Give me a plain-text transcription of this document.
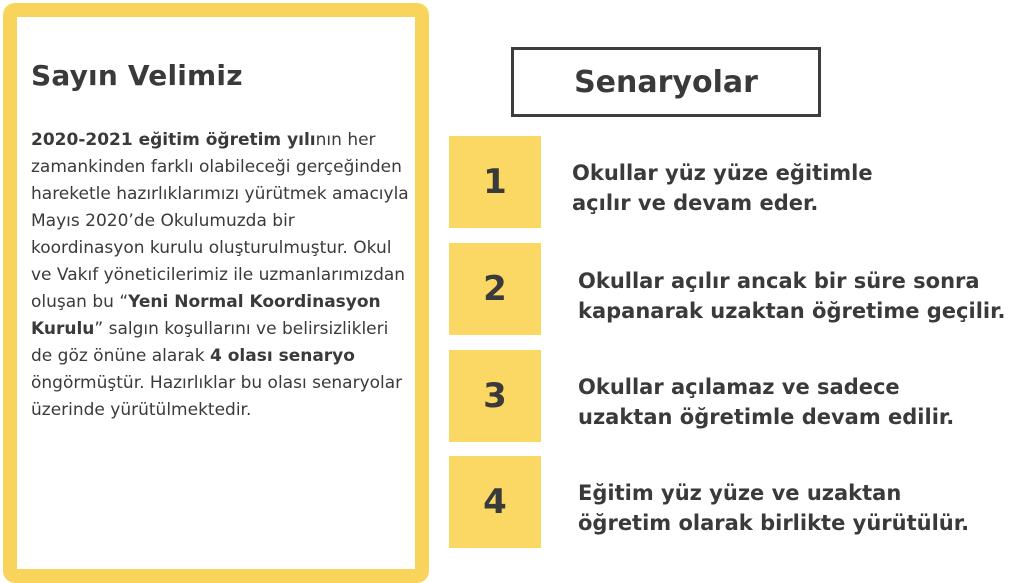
Sayın Velimiz
2020-2021 eğitim öğretim yılının her zamankinden farklı olabileceği gerçeğinden hareketle hazırlıklarımızı yürütmek amacıyla Mayıs 2020’de Okulumuzda bir koordinasyon kurulu oluşturulmuştur. Okul ve Vakıf yöneticilerimiz ile uzmanlarımızdan oluşan bu “Yeni Normal Koordinasyon Kurulu” salgın koşullarını ve belirsizlikleri de göz önüne alarak 4 olası senaryo öngörmüştür. Hazırlıklar bu olası senaryolar üzerinde yürütülmektedir.
Senaryolar
1	Okullar yüz yüze eğitimle
açılır ve devam eder.
2	Okullar açılır ancak bir süre sonra
kapanarak uzaktan öğretime geçilir.
3	Okullar açılamaz ve sadece
uzaktan öğretimle devam edilir.
4	Eğitim yüz yüze ve uzaktan
öğretim olarak birlikte yürütülür.
